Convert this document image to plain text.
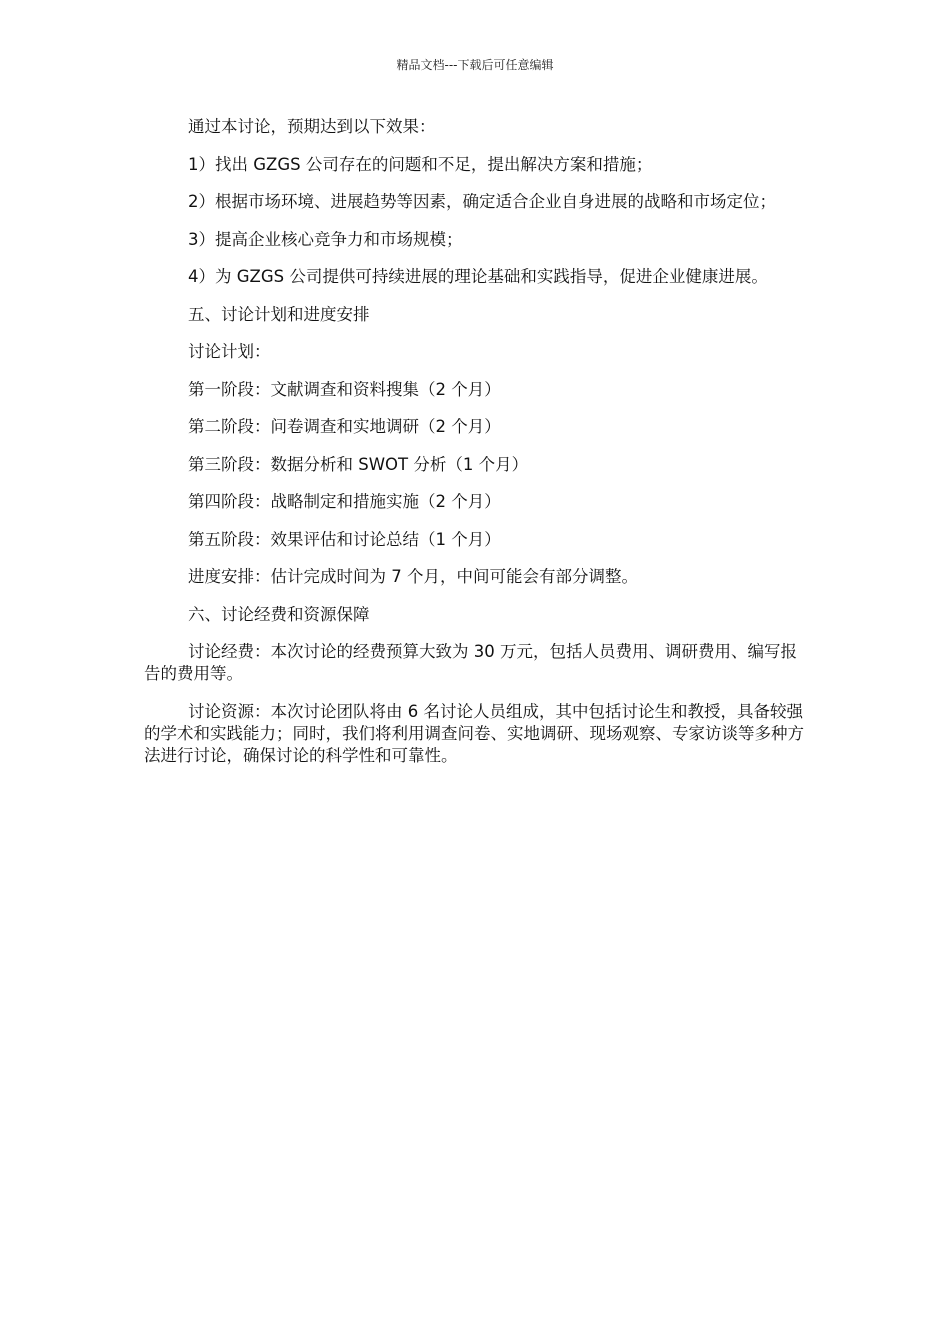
精品文档---下载后可任意编辑

通过本讨论，预期达到以下效果：

1）找出 GZGS 公司存在的问题和不足，提出解决方案和措施；

2）根据市场环境、进展趋势等因素，确定适合企业自身进展的战略和市场定位；

3）提高企业核心竞争力和市场规模；

4）为 GZGS 公司提供可持续进展的理论基础和实践指导，促进企业健康进展。

五、讨论计划和进度安排

讨论计划：

第一阶段：文献调查和资料搜集（2 个月）

第二阶段：问卷调查和实地调研（2 个月）

第三阶段：数据分析和 SWOT 分析（1 个月）

第四阶段：战略制定和措施实施（2 个月）

第五阶段：效果评估和讨论总结（1 个月）

进度安排：估计完成时间为 7 个月，中间可能会有部分调整。

六、讨论经费和资源保障

讨论经费：本次讨论的经费预算大致为 30 万元，包括人员费用、调研费用、编写报告的费用等。

讨论资源：本次讨论团队将由 6 名讨论人员组成，其中包括讨论生和教授，具备较强的学术和实践能力；同时，我们将利用调查问卷、实地调研、现场观察、专家访谈等多种方法进行讨论，确保讨论的科学性和可靠性。
